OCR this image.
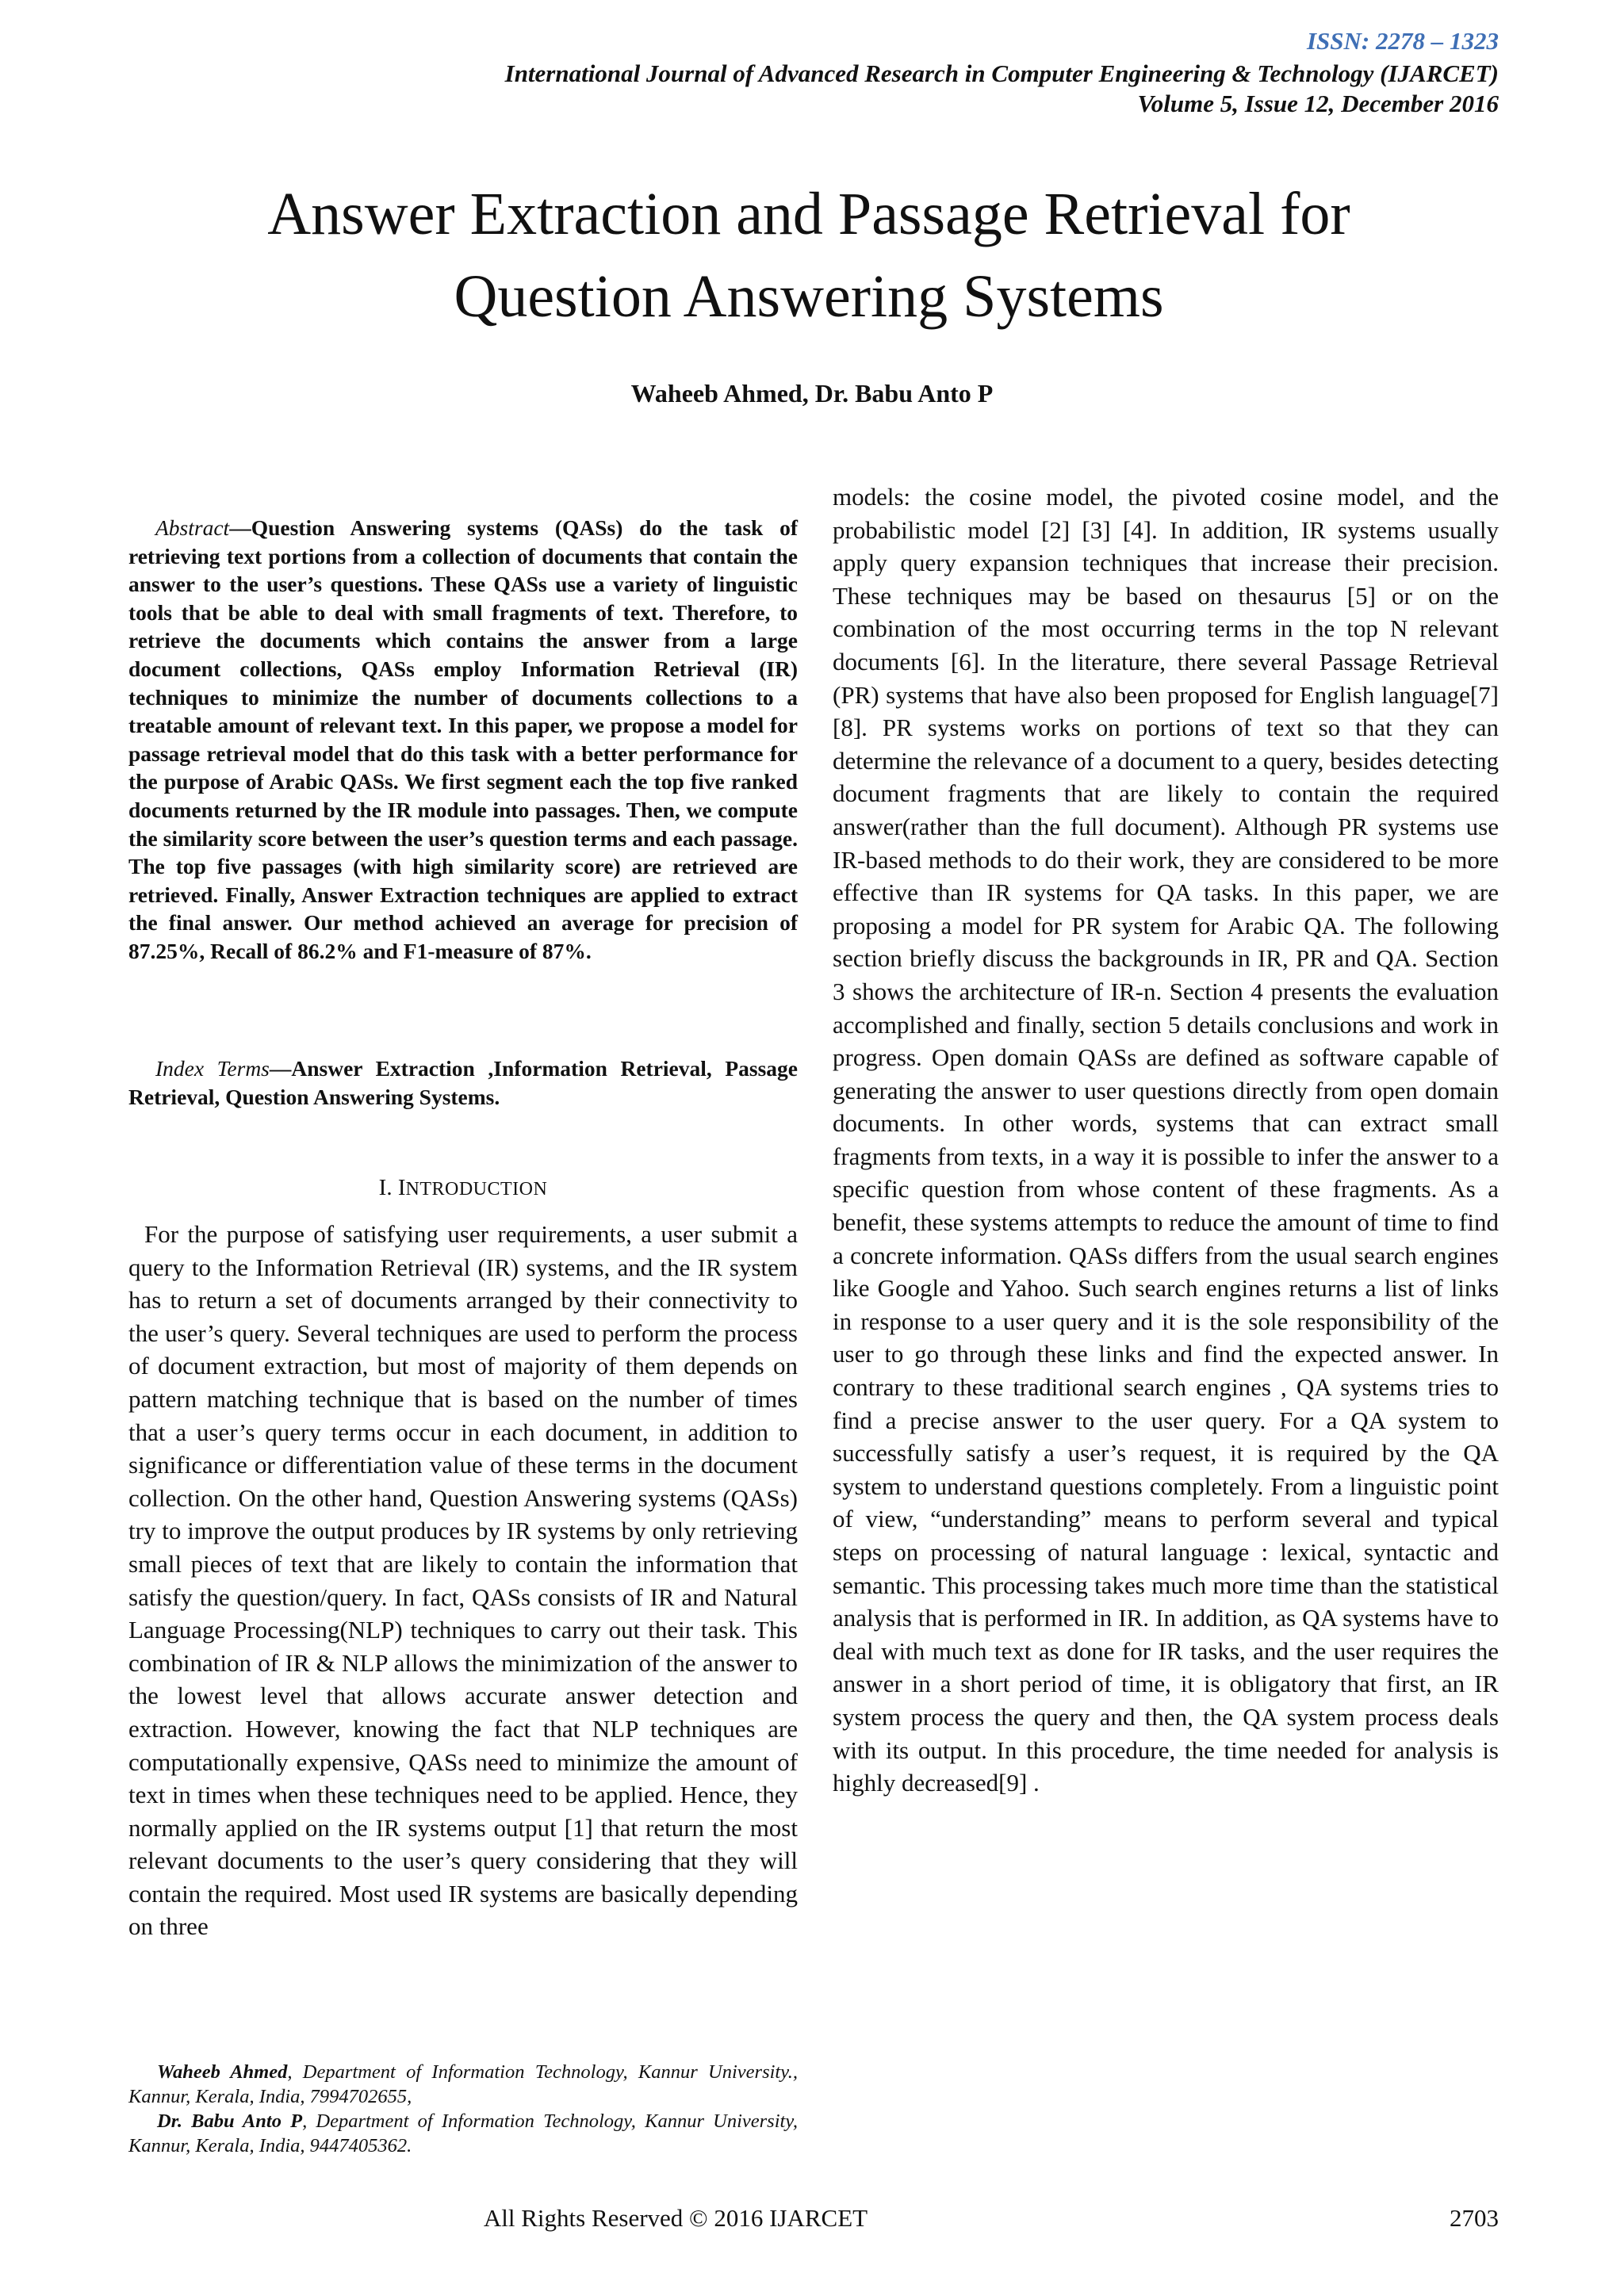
ISSN: 2278 – 1323
International Journal of Advanced Research in Computer Engineering & Technology (IJARCET)
Volume 5, Issue 12, December 2016
Answer Extraction and Passage Retrieval for
Question Answering Systems
Waheeb Ahmed, Dr. Babu Anto P

Abstract—Question Answering systems (QASs) do the task of retrieving text portions from a collection of documents that contain the answer to the user’s questions. These QASs use a variety of linguistic tools that be able to deal with small fragments of text. Therefore, to retrieve the documents which contains the answer from a large document collections, QASs employ Information Retrieval (IR) techniques to minimize the number of documents collections to a treatable amount of relevant text. In this paper, we propose a model for passage retrieval model that do this task with a better performance for the purpose of Arabic QASs. We first segment each the top five ranked documents returned by the IR module into passages. Then, we compute the similarity score between the user’s question terms and each passage. The top five passages (with high similarity score) are retrieved are retrieved. Finally, Answer Extraction techniques are applied to extract the final answer. Our method achieved an average for precision of 87.25%, Recall of 86.2% and F1-measure of 87%.

Index Terms—Answer Extraction ,Information Retrieval, Passage Retrieval, Question Answering Systems.

I. INTRODUCTION

For the purpose of satisfying user requirements, a user submit a query to the Information Retrieval (IR) systems, and the IR system has to return a set of documents arranged by their connectivity to the user’s query. Several techniques are used to perform the process of document extraction, but most of majority of them depends on pattern matching technique that is based on the number of times that a user’s query terms occur in each document, in addition to significance or differentiation value of these terms in the document collection. On the other hand, Question Answering systems (QASs) try to improve the output produces by IR systems by only retrieving small pieces of text that are likely to contain the information that satisfy the question/query. In fact, QASs consists of IR and Natural Language Processing(NLP) techniques to carry out their task. This combination of IR & NLP allows the minimization of the answer to the lowest level that allows accurate answer detection and extraction. However, knowing the fact that NLP techniques are computationally expensive, QASs need to minimize the amount of text in times when these techniques need to be applied. Hence, they normally applied on the IR systems output [1] that return the most relevant documents to the user’s query considering that they will contain the required. Most used IR systems are basically depending on three

models: the cosine model, the pivoted cosine model, and the probabilistic model [2] [3] [4]. In addition, IR systems usually apply query expansion techniques that increase their precision. These techniques may be based on thesaurus [5] or on the combination of the most occurring terms in the top N relevant documents [6]. In the literature, there several Passage Retrieval (PR) systems that have also been proposed for English language[7][8]. PR systems works on portions of text so that they can determine the relevance of a document to a query, besides detecting document fragments that are likely to contain the required answer(rather than the full document). Although PR systems use IR-based methods to do their work, they are considered to be more effective than IR systems for QA tasks. In this paper, we are proposing a model for PR system for Arabic QA. The following section briefly discuss the backgrounds in IR, PR and QA. Section 3 shows the architecture of IR-n. Section 4 presents the evaluation accomplished and finally, section 5 details conclusions and work in progress. Open domain QASs are defined as software capable of generating the answer to user questions directly from open domain documents. In other words, systems that can extract small fragments from texts, in a way it is possible to infer the answer to a specific question from whose content of these fragments. As a benefit, these systems attempts to reduce the amount of time to find a concrete information. QASs differs from the usual search engines like Google and Yahoo. Such search engines returns a list of links in response to a user query and it is the sole responsibility of the user to go through these links and find the expected answer. In contrary to these traditional search engines , QA systems tries to find a precise answer to the user query. For a QA system to successfully satisfy a user’s request, it is required by the QA system to understand questions completely. From a linguistic point of view, “understanding” means to perform several and typical steps on processing of natural language : lexical, syntactic and semantic. This processing takes much more time than the statistical analysis that is performed in IR. In addition, as QA systems have to deal with much text as done for IR tasks, and the user requires the answer in a short period of time, it is obligatory that first, an IR system process the query and then, the QA system process deals with its output. In this procedure, the time needed for analysis is highly decreased[9] .

Waheeb Ahmed, Department of Information Technology, Kannur University., Kannur, Kerala, India, 7994702655,

Dr. Babu Anto P, Department of Information Technology, Kannur University, Kannur, Kerala, India, 9447405362.

All Rights Reserved © 2016 IJARCET	2703
